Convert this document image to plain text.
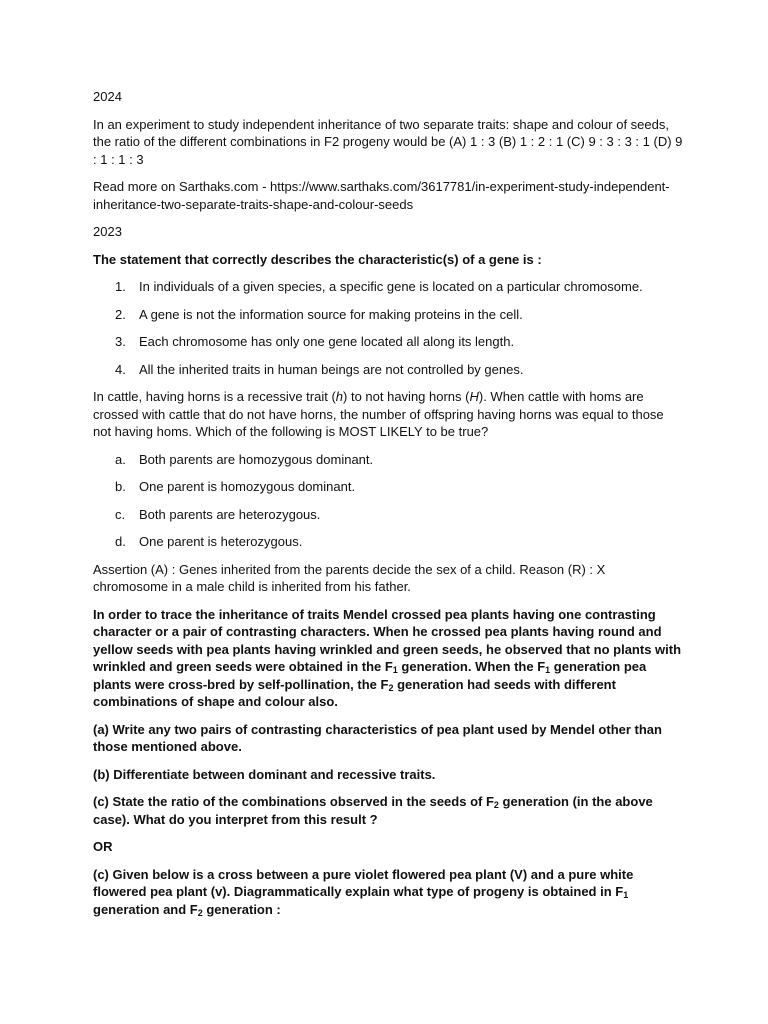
2024

In an experiment to study independent inheritance of two separate traits: shape and colour of seeds, the ratio of the different combinations in F2 progeny would be (A) 1 : 3 (B) 1 : 2 : 1 (C) 9 : 3 : 3 : 1 (D) 9 : 1 : 1 : 3

Read more on Sarthaks.com - https://www.sarthaks.com/3617781/in-experiment-study-independent-inheritance-two-separate-traits-shape-and-colour-seeds

2023

The statement that correctly describes the characteristic(s) of a gene is :

1. In individuals of a given species, a specific gene is located on a particular chromosome.
2. A gene is not the information source for making proteins in the cell.
3. Each chromosome has only one gene located all along its length.
4. All the inherited traits in human beings are not controlled by genes.

In cattle, having horns is a recessive trait (h) to not having horns (H). When cattle with homs are crossed with cattle that do not have horns, the number of offspring having horns was equal to those not having homs. Which of the following is MOST LIKELY to be true?

a. Both parents are homozygous dominant.
b. One parent is homozygous dominant.
c. Both parents are heterozygous.
d. One parent is heterozygous.

Assertion (A) : Genes inherited from the parents decide the sex of a child. Reason (R) : X chromosome in a male child is inherited from his father.

In order to trace the inheritance of traits Mendel crossed pea plants having one contrasting character or a pair of contrasting characters. When he crossed pea plants having round and yellow seeds with pea plants having wrinkled and green seeds, he observed that no plants with wrinkled and green seeds were obtained in the $F_1$ generation. When the $F_1$ generation pea plants were cross-bred by self-pollination, the $F_2$ generation had seeds with different combinations of shape and colour also.

(a) Write any two pairs of contrasting characteristics of pea plant used by Mendel other than those mentioned above.

(b) Differentiate between dominant and recessive traits.

(c) State the ratio of the combinations observed in the seeds of $F_2$ generation (in the above case). What do you interpret from this result ?

OR

(c) Given below is a cross between a pure violet flowered pea plant (V) and a pure white flowered pea plant (v). Diagrammatically explain what type of progeny is obtained in $F_1$ generation and $F_2$ generation :
